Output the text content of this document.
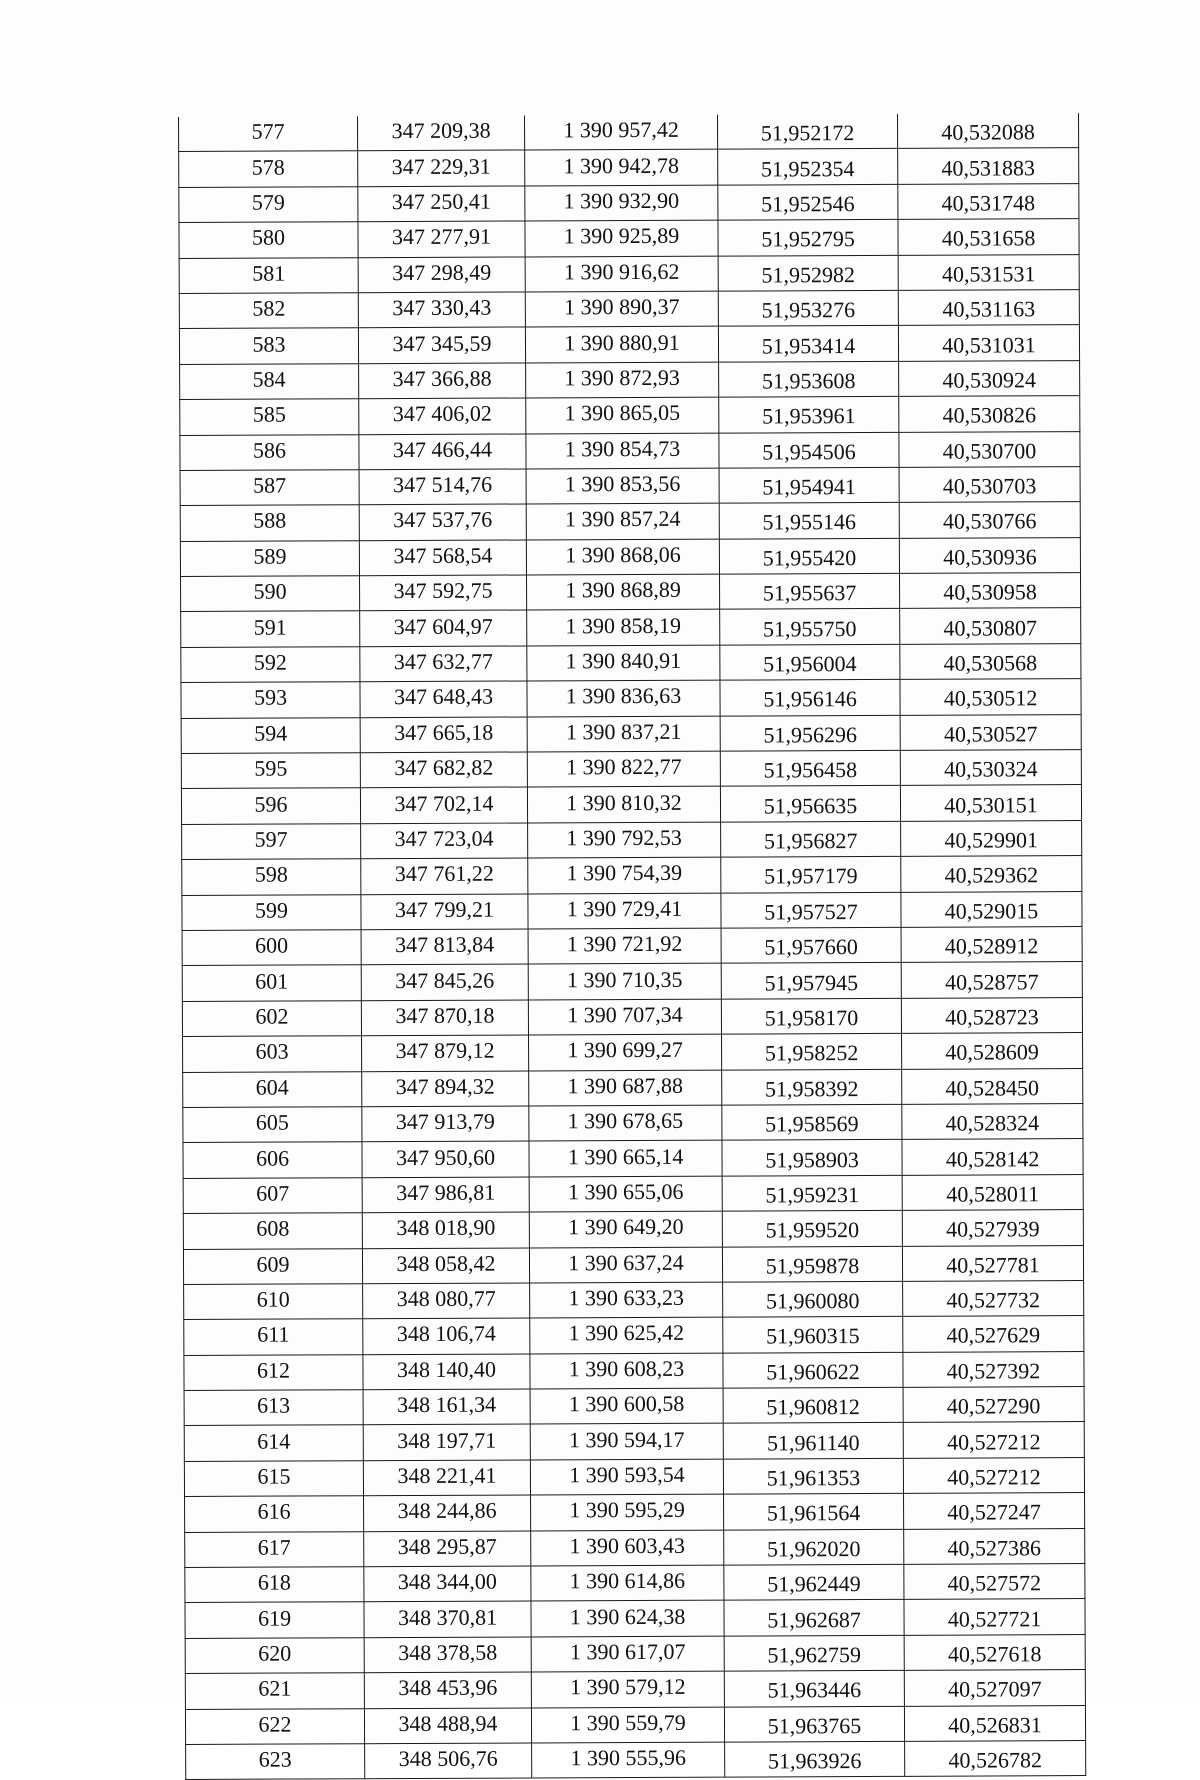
577	347 209,38	1 390 957,42	51,952172	40,532088
578	347 229,31	1 390 942,78	51,952354	40,531883
579	347 250,41	1 390 932,90	51,952546	40,531748
580	347 277,91	1 390 925,89	51,952795	40,531658
581	347 298,49	1 390 916,62	51,952982	40,531531
582	347 330,43	1 390 890,37	51,953276	40,531163
583	347 345,59	1 390 880,91	51,953414	40,531031
584	347 366,88	1 390 872,93	51,953608	40,530924
585	347 406,02	1 390 865,05	51,953961	40,530826
586	347 466,44	1 390 854,73	51,954506	40,530700
587	347 514,76	1 390 853,56	51,954941	40,530703
588	347 537,76	1 390 857,24	51,955146	40,530766
589	347 568,54	1 390 868,06	51,955420	40,530936
590	347 592,75	1 390 868,89	51,955637	40,530958
591	347 604,97	1 390 858,19	51,955750	40,530807
592	347 632,77	1 390 840,91	51,956004	40,530568
593	347 648,43	1 390 836,63	51,956146	40,530512
594	347 665,18	1 390 837,21	51,956296	40,530527
595	347 682,82	1 390 822,77	51,956458	40,530324
596	347 702,14	1 390 810,32	51,956635	40,530151
597	347 723,04	1 390 792,53	51,956827	40,529901
598	347 761,22	1 390 754,39	51,957179	40,529362
599	347 799,21	1 390 729,41	51,957527	40,529015
600	347 813,84	1 390 721,92	51,957660	40,528912
601	347 845,26	1 390 710,35	51,957945	40,528757
602	347 870,18	1 390 707,34	51,958170	40,528723
603	347 879,12	1 390 699,27	51,958252	40,528609
604	347 894,32	1 390 687,88	51,958392	40,528450
605	347 913,79	1 390 678,65	51,958569	40,528324
606	347 950,60	1 390 665,14	51,958903	40,528142
607	347 986,81	1 390 655,06	51,959231	40,528011
608	348 018,90	1 390 649,20	51,959520	40,527939
609	348 058,42	1 390 637,24	51,959878	40,527781
610	348 080,77	1 390 633,23	51,960080	40,527732
611	348 106,74	1 390 625,42	51,960315	40,527629
612	348 140,40	1 390 608,23	51,960622	40,527392
613	348 161,34	1 390 600,58	51,960812	40,527290
614	348 197,71	1 390 594,17	51,961140	40,527212
615	348 221,41	1 390 593,54	51,961353	40,527212
616	348 244,86	1 390 595,29	51,961564	40,527247
617	348 295,87	1 390 603,43	51,962020	40,527386
618	348 344,00	1 390 614,86	51,962449	40,527572
619	348 370,81	1 390 624,38	51,962687	40,527721
620	348 378,58	1 390 617,07	51,962759	40,527618
621	348 453,96	1 390 579,12	51,963446	40,527097
622	348 488,94	1 390 559,79	51,963765	40,526831
623	348 506,76	1 390 555,96	51,963926	40,526782
